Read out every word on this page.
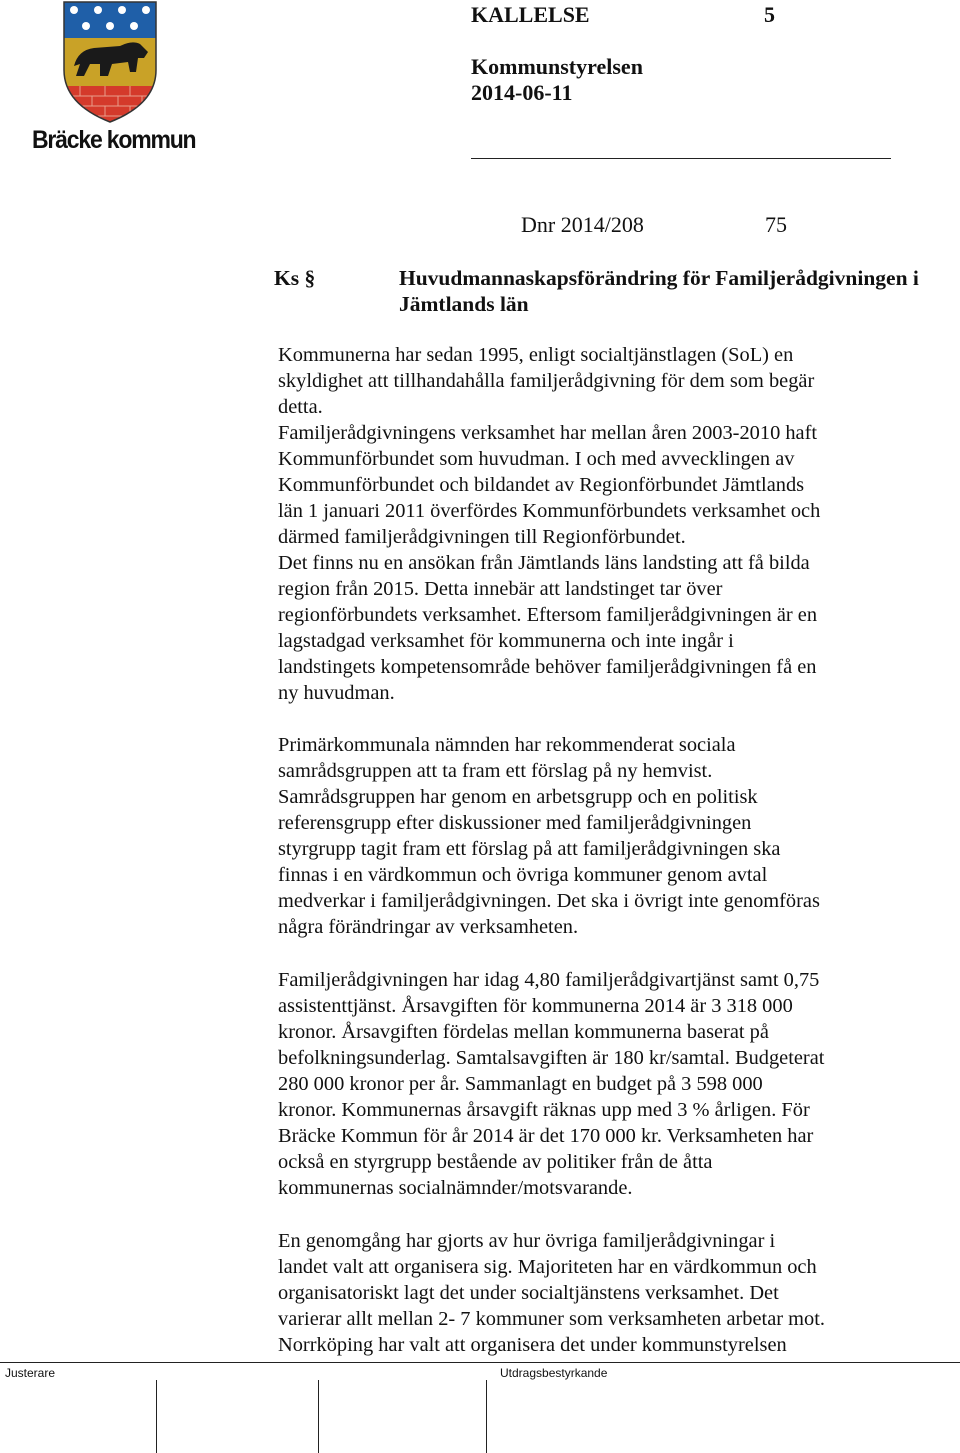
Bräcke kommun
KALLELSE	5
Kommunstyrelsen
2014-06-11
Dnr 2014/208	75
Ks §	Huvudmannaskapsförändring för Familjerådgivningen i
Jämtlands län
Kommunerna har sedan 1995, enligt socialtjänstlagen (SoL) en
skyldighet att tillhandahålla familjerådgivning för dem som begär
detta.
Familjerådgivningens verksamhet har mellan åren 2003-2010 haft
Kommunförbundet som huvudman. I och med avvecklingen av
Kommunförbundet och bildandet av Regionförbundet Jämtlands
län 1 januari 2011 överfördes Kommunförbundets verksamhet och
därmed familjerådgivningen till Regionförbundet.
Det finns nu en ansökan från Jämtlands läns landsting att få bilda
region från 2015. Detta innebär att landstinget tar över
regionförbundets verksamhet. Eftersom familjerådgivningen är en
lagstadgad verksamhet för kommunerna och inte ingår i
landstingets kompetensområde behöver familjerådgivningen få en
ny huvudman.
Primärkommunala nämnden har rekommenderat sociala
samrådsgruppen att ta fram ett förslag på ny hemvist.
Samrådsgruppen har genom en arbetsgrupp och en politisk
referensgrupp efter diskussioner med familjerådgivningen
styrgrupp tagit fram ett förslag på att familjerådgivningen ska
finnas i en värdkommun och övriga kommuner genom avtal
medverkar i familjerådgivningen. Det ska i övrigt inte genomföras
några förändringar av verksamheten.
Familjerådgivningen har idag 4,80 familjerådgivartjänst samt 0,75
assistenttjänst. Årsavgiften för kommunerna 2014 är 3 318 000
kronor. Årsavgiften fördelas mellan kommunerna baserat på
befolkningsunderlag. Samtalsavgiften är 180 kr/samtal. Budgeterat
280 000 kronor per år. Sammanlagt en budget på 3 598 000
kronor. Kommunernas årsavgift räknas upp med 3 % årligen. För
Bräcke Kommun för år 2014 är det 170 000 kr. Verksamheten har
också en styrgrupp bestående av politiker från de åtta
kommunernas socialnämnder/motsvarande.
En genomgång har gjorts av hur övriga familjerådgivningar i
landet valt att organisera sig. Majoriteten har en värdkommun och
organisatoriskt lagt det under socialtjänstens verksamhet. Det
varierar allt mellan 2- 7 kommuner som verksamheten arbetar mot.
Norrköping har valt att organisera det under kommunstyrelsen
Justerare	Utdragsbestyrkande
